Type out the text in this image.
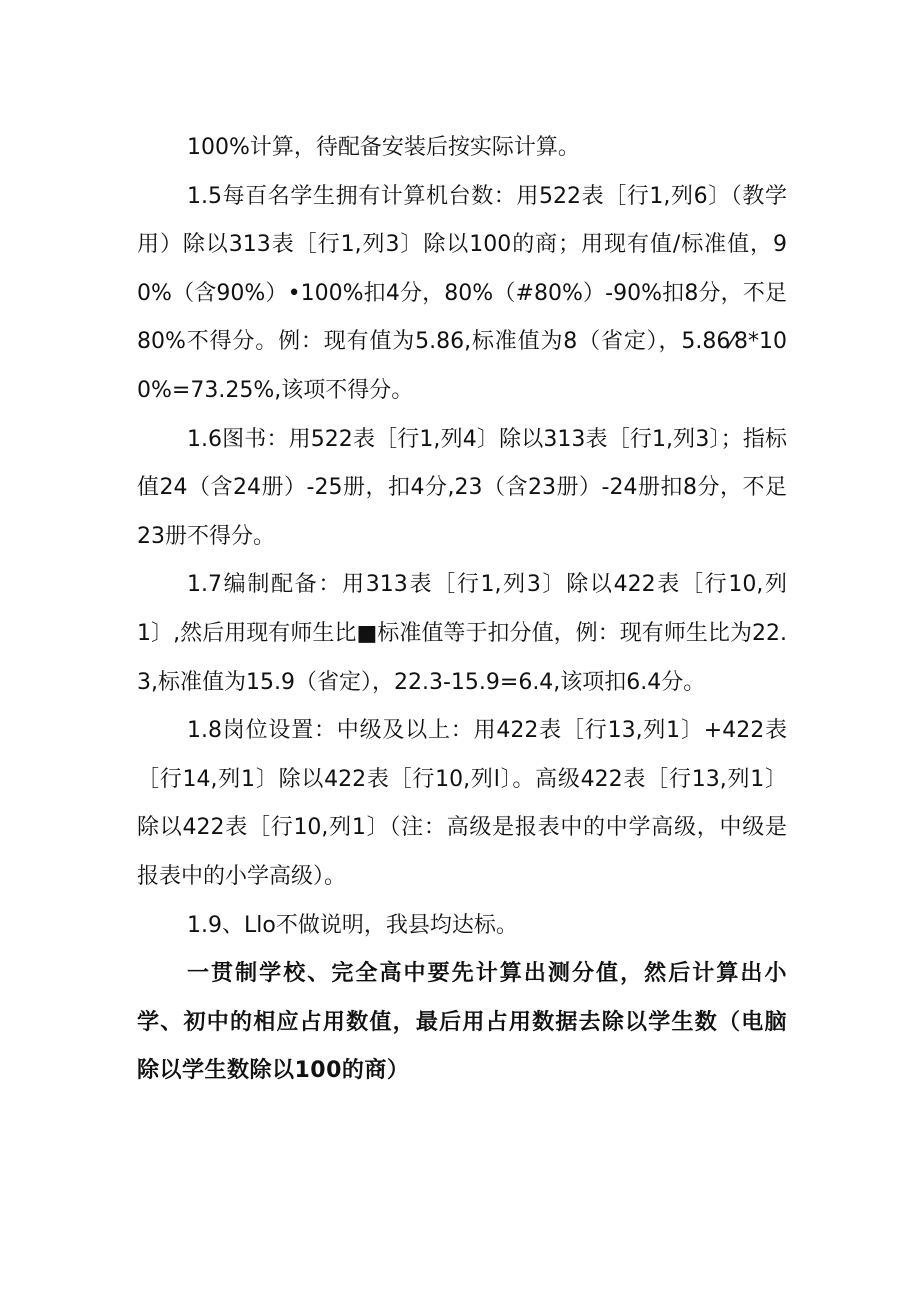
100%计算，待配备安装后按实际计算。

1.5每百名学生拥有计算机台数：用522表［行1,列6〕（教学用）除以313表［行1,列3〕除以100的商；用现有值/标准值，90%（含90%）•100%扣4分，80%（#80%）-90%扣8分，不足80%不得分。例：现有值为5.86,标准值为8（省定），5.86⁄8*100%=73.25%,该项不得分。

1.6图书：用522表［行1,列4〕除以313表［行1,列3〕；指标值24（含24册）-25册，扣4分,23（含23册）-24册扣8分，不足23册不得分。

1.7编制配备：用313表［行1,列3〕除以422表［行10,列1〕,然后用现有师生比■标准值等于扣分值，例：现有师生比为22.3,标准值为15.9（省定），22.3-15.9=6.4,该项扣6.4分。

1.8岗位设置：中级及以上：用422表［行13,列1〕+422表［行14,列1〕除以422表［行10,列l〕。高级422表［行13,列1〕除以422表［行10,列1〕（注：高级是报表中的中学高级，中级是报表中的小学高级）。

1.9、Llo不做说明，我县均达标。

一贯制学校、完全高中要先计算出测分值，然后计算出小学、初中的相应占用数值，最后用占用数据去除以学生数（电脑除以学生数除以100的商）
